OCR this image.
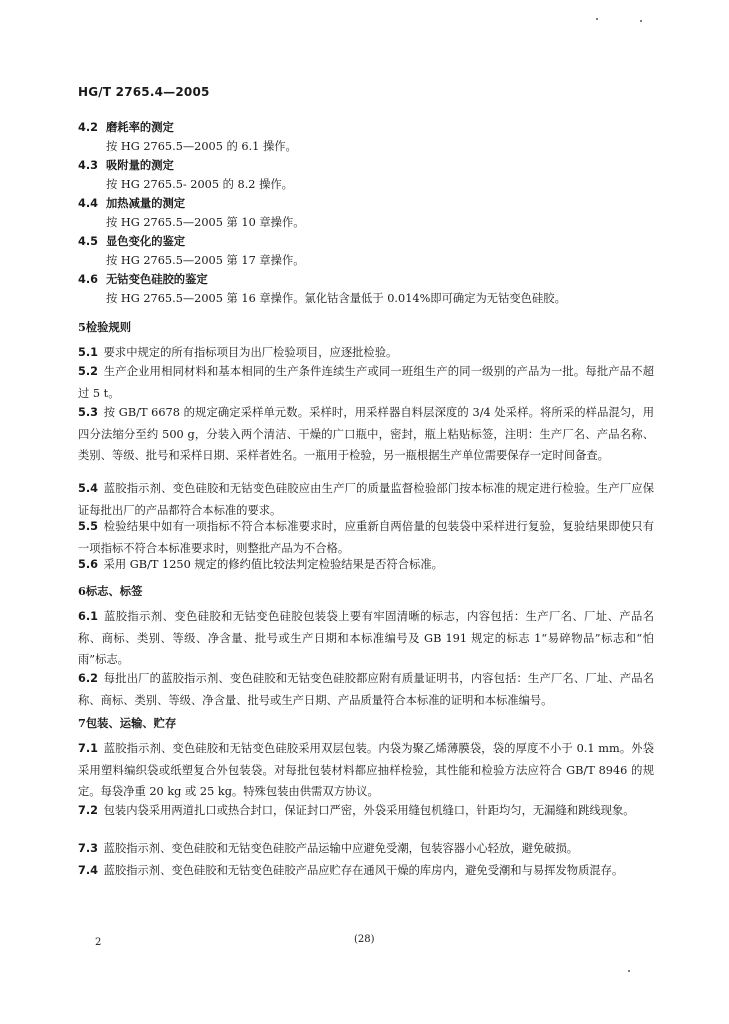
HG/T 2765.4—2005
4.2 磨耗率的测定
按 HG 2765.5—2005 的 6.1 操作。
4.3 吸附量的测定
按 HG 2765.5- 2005 的 8.2 操作。
4.4 加热减量的测定
按 HG 2765.5—2005 第 10 章操作。
4.5 显色变化的鉴定
按 HG 2765.5—2005 第 17 章操作。
4.6 无钴变色硅胶的鉴定
按 HG 2765.5—2005 第 16 章操作。氯化钴含量低于 0.014%即可确定为无钴变色硅胶。
5检验规则
5.1 要求中规定的所有指标项目为出厂检验项目，应逐批检验。
5.2 生产企业用相同材料和基本相同的生产条件连续生产或同一班组生产的同一级别的产品为一批。每批产品不超过 5 t。
5.3 按 GB/T 6678 的规定确定采样单元数。采样时，用采样器自料层深度的 3/4 处采样。将所采的样品混匀，用四分法缩分至约 500 g，分装入两个清洁、干燥的广口瓶中，密封，瓶上粘贴标签，注明：生产厂名、产品名称、类别、等级、批号和采样日期、采样者姓名。一瓶用于检验，另一瓶根据生产单位需要保存一定时间备查。
5.4 蓝胶指示剂、变色硅胶和无钴变色硅胶应由生产厂的质量监督检验部门按本标准的规定进行检验。生产厂应保证每批出厂的产品都符合本标准的要求。
5.5 检验结果中如有一项指标不符合本标准要求时，应重新自两倍量的包装袋中采样进行复验，复验结果即使只有一项指标不符合本标准要求时，则整批产品为不合格。
5.6 采用 GB/T 1250 规定的修约值比较法判定检验结果是否符合标准。
6标志、标签
6.1 蓝胶指示剂、变色硅胶和无钴变色硅胶包装袋上要有牢固清晰的标志，内容包括：生产厂名、厂址、产品名称、商标、类别、等级、净含量、批号或生产日期和本标准编号及 GB 191 规定的标志 1“易碎物品”标志和“怕雨”标志。
6.2 每批出厂的蓝胶指示剂、变色硅胶和无钴变色硅胶都应附有质量证明书，内容包括：生产厂名、厂址、产品名称、商标、类别、等级、净含量、批号或生产日期、产品质量符合本标准的证明和本标准编号。
7包装、运输、贮存
7.1 蓝胶指示剂、变色硅胶和无钴变色硅胶采用双层包装。内袋为聚乙烯薄膜袋，袋的厚度不小于 0.1 mm。外袋采用塑料编织袋或纸塑复合外包装袋。对每批包装材料都应抽样检验，其性能和检验方法应符合 GB/T 8946 的规定。每袋净重 20 kg 或 25 kg。特殊包装由供需双方协议。
7.2 包装内袋采用两道扎口或热合封口，保证封口严密，外袋采用缝包机缝口，针距均匀，无漏缝和跳线现象。
7.3 蓝胶指示剂、变色硅胶和无钴变色硅胶产品运输中应避免受潮，包装容器小心轻放，避免破损。
7.4 蓝胶指示剂、变色硅胶和无钴变色硅胶产品应贮存在通风干燥的库房内，避免受潮和与易挥发物质混存。
2	(28)
